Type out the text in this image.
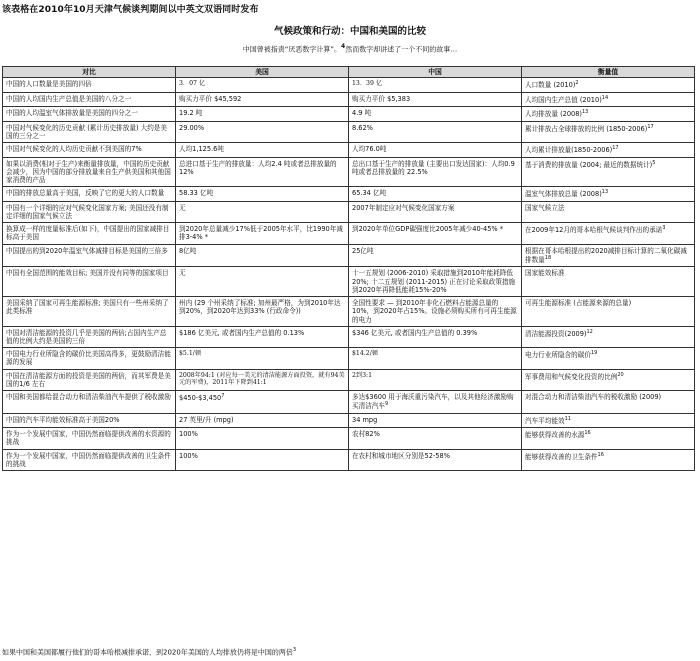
该表格在2010年10月天津气候谈判期间以中英文双语同时发布
气候政策和行动：中国和美国的比较
中国曾被指责“厌恶数字计算”。$^4$然而数字却讲述了一个不同的故事…
对比	美国	中国	衡量值
中国的人口数量是美国的四倍	3．07 亿	13．39 亿	人口数量 $(2010)^2$
中国的人均国内生产总值是美国的八分之一	购买力平价 $45,592	购买力平价 $5,383	人均国内生产总值 $(2010)^{14}$
中国的人均温室气体排放量是美国的四分之一	19.2 吨	4.9 吨	人均排放量 $(2008)^{13}$
中国对气候变化的历史贡献 (累计历史排放量) 大约是美国的三分之一	29.00%	8.62%	累计排放占全球排放的比例 (1850-2006)$^{17}$
中国对气候变化的人均历史贡献不到美国的7%	人均1,125.6吨	人均76.0吨	人均累计排放量(1850-2006)$^{17}$
如果以消费(相对于生产)来衡量排放量，中国的历史贡献会减少，因为中国的部分排放量来自生产供美国和其他国家消费的产品	总进口基于生产的排放量：人均2.4 吨或者总排放量的 12%	总出口基于生产的排放量 (主要出口发达国家)：人均0.9 吨或者总排放量的 22.5%	基于消费的排放量 (2004; 最近的数据统计)$^5$
中国的排放总量高于美国，反映了它的更大的人口数量	58.33 亿吨	65.34 亿吨	温室气体排放总量 $(2008)^{13}$
中国有一个详细的应对气候变化国家方案; 美国还没有制定详细的国家气候立法	无	2007年制定应对气候变化国家方案	国家气候立法
换算成一样的度量标准后(如下)，中国提出的国家减排目标高于美国	到2020年总量减少17%低于2005年水平，比1990年减排3-4% *	到2020年单位GDP碳强度比2005年减少40-45% *	在2009年12月的哥本哈根气候谈判作出的承诺$^3$
中国提出的到2020年温室气体减排目标是美国的三倍多	8亿吨	25亿吨	根据在哥本哈根提出的2020减排目标计算的二氧化碳减排数量$^{18}$
中国有全国范围的能效目标; 美国并没有同等的国家项目	无	十一五规划 (2006-2010) 采取措施到2010年能耗降低20%; 十二五规划 (2011-2015) 正在讨论采取政策措施到2020年再降低能耗15%-20%	国家能效标准
美国采纳了国家可再生能源标准; 美国只有一些州采纳了此类标准	州内 (29 个州采纳了标准; 加州最严格，为到2010年达到20%，到2020年达到33% (行政命令))	全国性要求 — 到2010年非化石燃料占能源总量的 10%，到2020年占15%。设施必须购买所有可再生能源的电力	可再生能源标准 (占能源来源的总量)
中国对清洁能源的投资几乎是美国的两倍;占国内生产总值的比例大约是美国的三倍	$186 亿美元, 或者国内生产总值的 0.13%	$346 亿美元, 或者国内生产总值的 0.39%	清洁能源投资$(2009)^{12}$
中国电力行业所隐含的碳价比美国高得多，更鼓励清洁能源的发展	$5.1/顿	$14.2/顿	电力行业所隐含的碳价$^{19}$
中国在清洁能源方面的投资是美国的两倍，而其军费是美国的1/6 左右	2008年94:1 (对应每一美元的清洁能源方面投资，就有94美元的军费)，2011年下降到41:1	2到3:1	军事费用和气候变化投资的比例$^{20}$
中国和美国都给混合动力和清洁柴油汽车提供了税收激励	$450-$3,450$^7$	多达$3600 用于海沃重污染汽车，以及其他经济激励购买清洁汽车$^9$	对混合动力和清洁柴油汽车的税收激励 (2009)
中国的汽车平均能效标准高于美国20%	27 英里/升 (mpg)	34 mpg	汽车平均能效$^{11}$
作为一个发展中国家，中国仍然面临提供改善的水资源的挑战	100%	农村82%	能够获得改善的水源$^{16}$
作为一个发展中国家，中国仍然面临提供改善的卫生条件的挑战	100%	在农村和城市地区分别是52-58%	能够获得改善的卫生条件$^{16}$
如果中国和美国都履行他们的哥本哈根减排承诺，到2020年美国的人均排放仍将是中国的两倍$^3$
